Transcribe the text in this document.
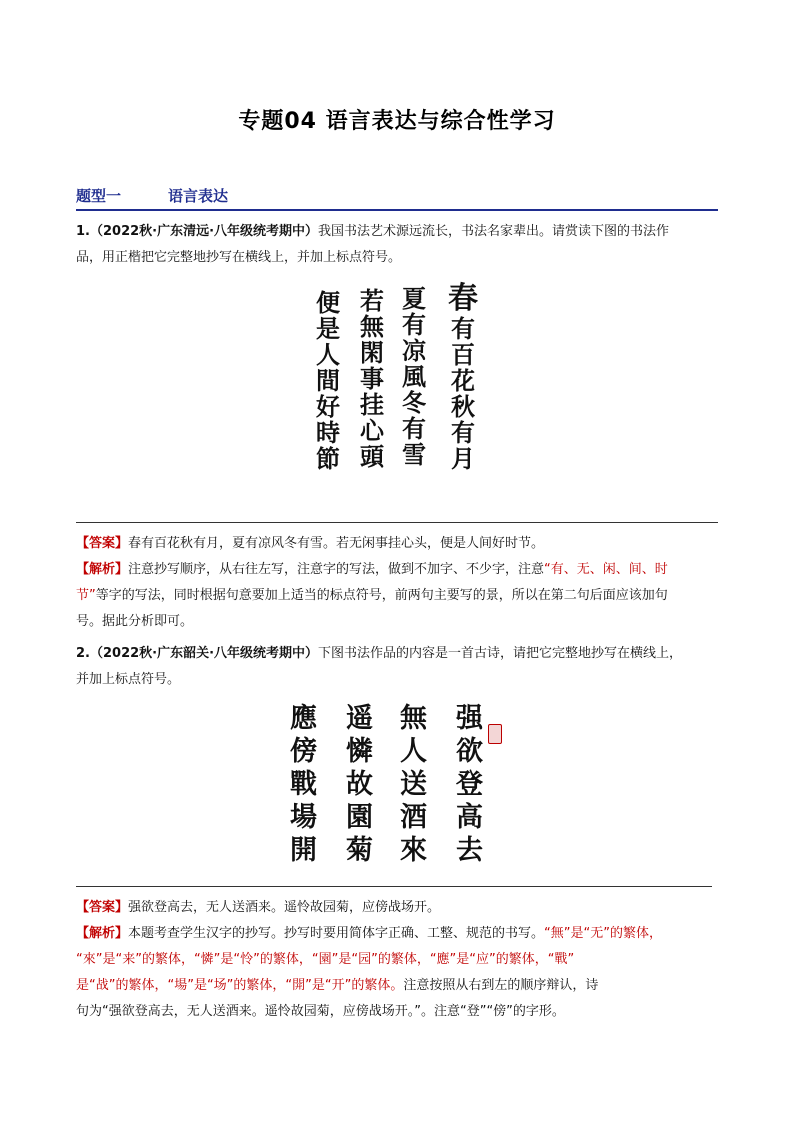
专题04 语言表达与综合性学习
题型一	语言表达
1.（2022秋·广东清远·八年级统考期中）我国书法艺术源远流长，书法名家辈出。请赏读下图的书法作
品，用正楷把它完整地抄写在横线上，并加上标点符号。
春
有
百
花
秋
有
月
夏
有
凉
風
冬
有
雪
若
無
閑
事
挂
心
頭
便
是
人
間
好
時
節
【答案】春有百花秋有月，夏有凉风冬有雪。若无闲事挂心头，便是人间好时节。
【解析】注意抄写顺序，从右往左写，注意字的写法，做到不加字、不少字，注意“有、无、闲、间、时
节”等字的写法，同时根据句意要加上适当的标点符号，前两句主要写的景，所以在第二句后面应该加句
号。据此分析即可。
2.（2022秋·广东韶关·八年级统考期中）下图书法作品的内容是一首古诗，请把它完整地抄写在横线上，
并加上标点符号。
强
欲
登
高
去
無
人
送
酒
來
遥
憐
故
園
菊
應
傍
戰
場
開
【答案】强欲登高去，无人送酒来。遥怜故园菊，应傍战场开。
【解析】本题考查学生汉字的抄写。抄写时要用简体字正确、工整、规范的书写。“無”是“无”的繁体，
“來”是“来”的繁体，“憐”是“怜”的繁体，“園”是“园”的繁体，“應”是“应”的繁体，“戰”
是“战”的繁体，“場”是“场”的繁体，“開”是“开”的繁体。注意按照从右到左的顺序辩认，诗
句为“强欲登高去，无人送酒来。遥怜故园菊，应傍战场开。”。注意“登”“傍”的字形。
